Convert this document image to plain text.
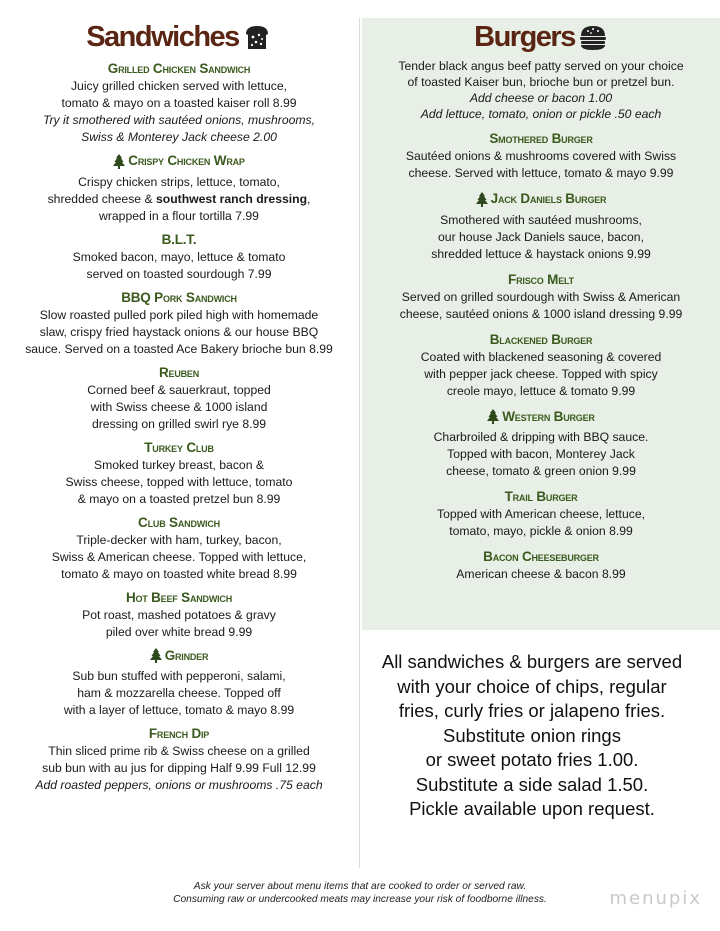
Sandwiches
Grilled Chicken Sandwich
Juicy grilled chicken served with lettuce,
tomato & mayo on a toasted kaiser roll 8.99
Try it smothered with sautéed onions, mushrooms,
Swiss & Monterey Jack cheese 2.00
Crispy Chicken Wrap
Crispy chicken strips, lettuce, tomato,
shredded cheese & southwest ranch dressing,
wrapped in a flour tortilla 7.99
B.L.T.
Smoked bacon, mayo, lettuce & tomato
served on toasted sourdough 7.99
BBQ Pork Sandwich
Slow roasted pulled pork piled high with homemade
slaw, crispy fried haystack onions & our house BBQ
sauce. Served on a toasted Ace Bakery brioche bun 8.99
Reuben
Corned beef & sauerkraut, topped
with Swiss cheese & 1000 island
dressing on grilled swirl rye 8.99
Turkey Club
Smoked turkey breast, bacon &
Swiss cheese, topped with lettuce, tomato
& mayo on a toasted pretzel bun 8.99
Club Sandwich
Triple-decker with ham, turkey, bacon,
Swiss & American cheese. Topped with lettuce,
tomato & mayo on toasted white bread 8.99
Hot Beef Sandwich
Pot roast, mashed potatoes & gravy
piled over white bread 9.99
Grinder
Sub bun stuffed with pepperoni, salami,
ham & mozzarella cheese. Topped off
with a layer of lettuce, tomato & mayo 8.99
French Dip
Thin sliced prime rib & Swiss cheese on a grilled
sub bun with au jus for dipping Half 9.99 Full 12.99
Add roasted peppers, onions or mushrooms .75 each
Burgers
Tender black angus beef patty served on your choice
of toasted Kaiser bun, brioche bun or pretzel bun.
Add cheese or bacon 1.00
Add lettuce, tomato, onion or pickle .50 each
Smothered Burger
Sautéed onions & mushrooms covered with Swiss
cheese. Served with lettuce, tomato & mayo 9.99
Jack Daniels Burger
Smothered with sautéed mushrooms,
our house Jack Daniels sauce, bacon,
shredded lettuce & haystack onions 9.99
Frisco Melt
Served on grilled sourdough with Swiss & American
cheese, sautéed onions & 1000 island dressing 9.99
Blackened Burger
Coated with blackened seasoning & covered
with pepper jack cheese. Topped with spicy
creole mayo, lettuce & tomato 9.99
Western Burger
Charbroiled & dripping with BBQ sauce.
Topped with bacon, Monterey Jack
cheese, tomato & green onion 9.99
Trail Burger
Topped with American cheese, lettuce,
tomato, mayo, pickle & onion 8.99
Bacon Cheeseburger
American cheese & bacon 8.99
All sandwiches & burgers are served
with your choice of chips, regular
fries, curly fries or jalapeno fries.
Substitute onion rings
or sweet potato fries 1.00.
Substitute a side salad 1.50.
Pickle available upon request.
Ask your server about menu items that are cooked to order or served raw.
Consuming raw or undercooked meats may increase your risk of foodborne illness.	menupix
